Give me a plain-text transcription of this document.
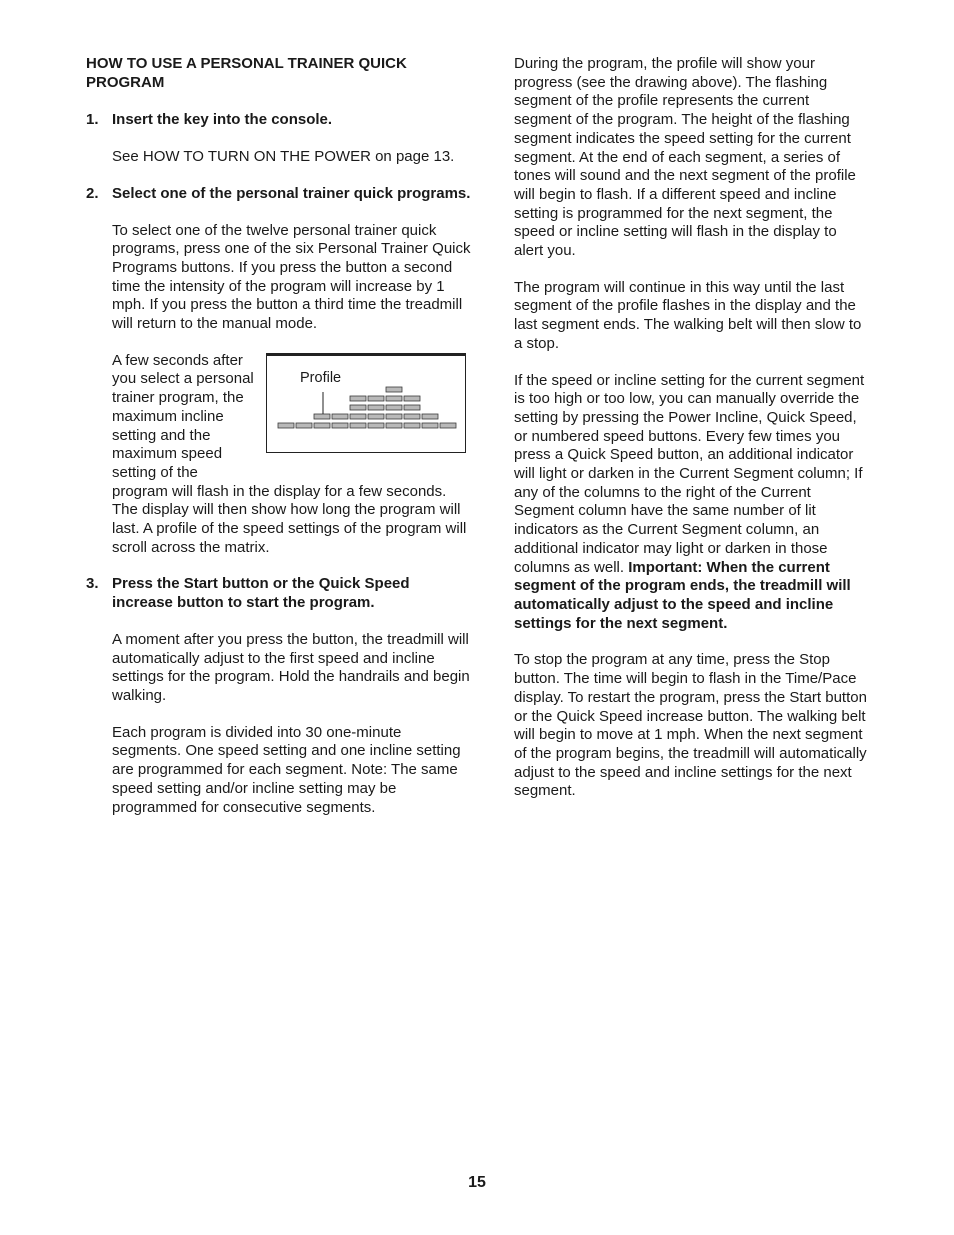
HOW TO USE A PERSONAL TRAINER QUICK PROGRAM

1. Insert the key into the console.

See HOW TO TURN ON THE POWER on page 13.

2. Select one of the personal trainer quick programs.

To select one of the twelve personal trainer quick programs, press one of the six Personal Trainer Quick Programs buttons. If you press the button a second time the intensity of the program will increase by 1 mph. If you press the button a third time the treadmill will return to the manual mode.

Profile

A few seconds after you select a personal trainer program, the maximum incline setting and the maximum speed setting of the program will flash in the display for a few seconds. The display will then show how long the program will last. A profile of the speed settings of the program will scroll across the matrix.

3. Press the Start button or the Quick Speed increase button to start the program.

A moment after you press the button, the treadmill will automatically adjust to the first speed and incline settings for the program. Hold the handrails and begin walking.

Each program is divided into 30 one-minute segments. One speed setting and one incline setting are programmed for each segment. Note: The same speed setting and/or incline setting may be programmed for consecutive segments.

During the program, the profile will show your progress (see the drawing above). The flashing segment of the profile represents the current segment of the program. The height of the flashing segment indicates the speed setting for the current segment. At the end of each segment, a series of tones will sound and the next segment of the profile will begin to flash. If a different speed and incline setting is programmed for the next segment, the speed or incline setting will flash in the display to alert you.

The program will continue in this way until the last segment of the profile flashes in the display and the last segment ends. The walking belt will then slow to a stop.

If the speed or incline setting for the current segment is too high or too low, you can manually override the setting by pressing the Power Incline, Quick Speed, or numbered speed buttons. Every few times you press a Quick Speed button, an additional indicator will light or darken in the Current Segment column; If any of the columns to the right of the Current Segment column have the same number of lit indicators as the Current Segment column, an additional indicator may light or darken in those columns as well. Important: When the current segment of the program ends, the treadmill will automatically adjust to the speed and incline settings for the next segment.

To stop the program at any time, press the Stop button. The time will begin to flash in the Time/Pace display. To restart the program, press the Start button or the Quick Speed increase button. The walking belt will begin to move at 1 mph. When the next segment of the program begins, the treadmill will automatically adjust to the speed and incline settings for the next segment.

15
